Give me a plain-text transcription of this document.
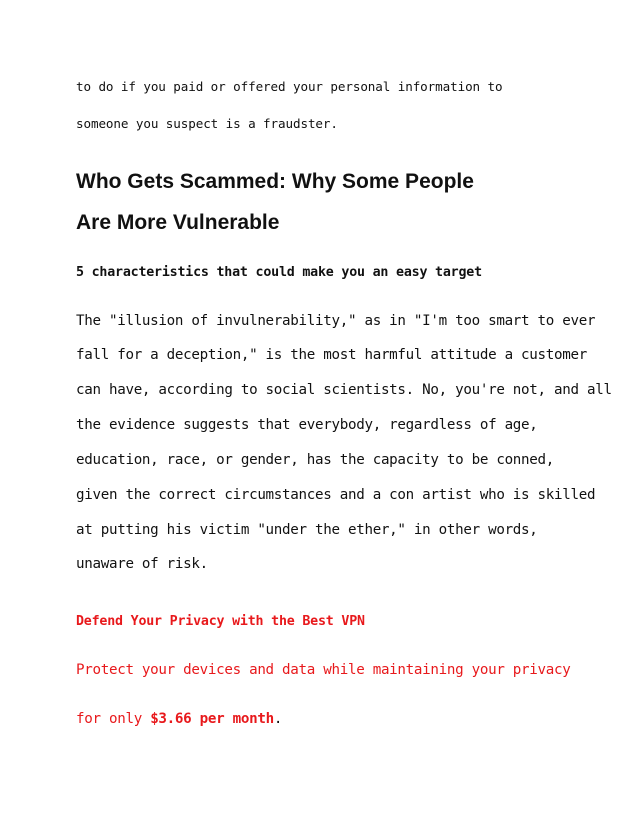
to do if you paid or offered your personal information to

someone you suspect is a fraudster.

Who Gets Scammed: Why Some People
Are More Vulnerable

5 characteristics that could make you an easy target

The "illusion of invulnerability," as in "I'm too smart to ever

fall for a deception," is the most harmful attitude a customer

can have, according to social scientists. No, you're not, and all

the evidence suggests that everybody, regardless of age,

education, race, or gender, has the capacity to be conned,

given the correct circumstances and a con artist who is skilled

at putting his victim "under the ether," in other words,

unaware of risk.

Defend Your Privacy with the Best VPN

Protect your devices and data while maintaining your privacy

for only $3.66 per month.
